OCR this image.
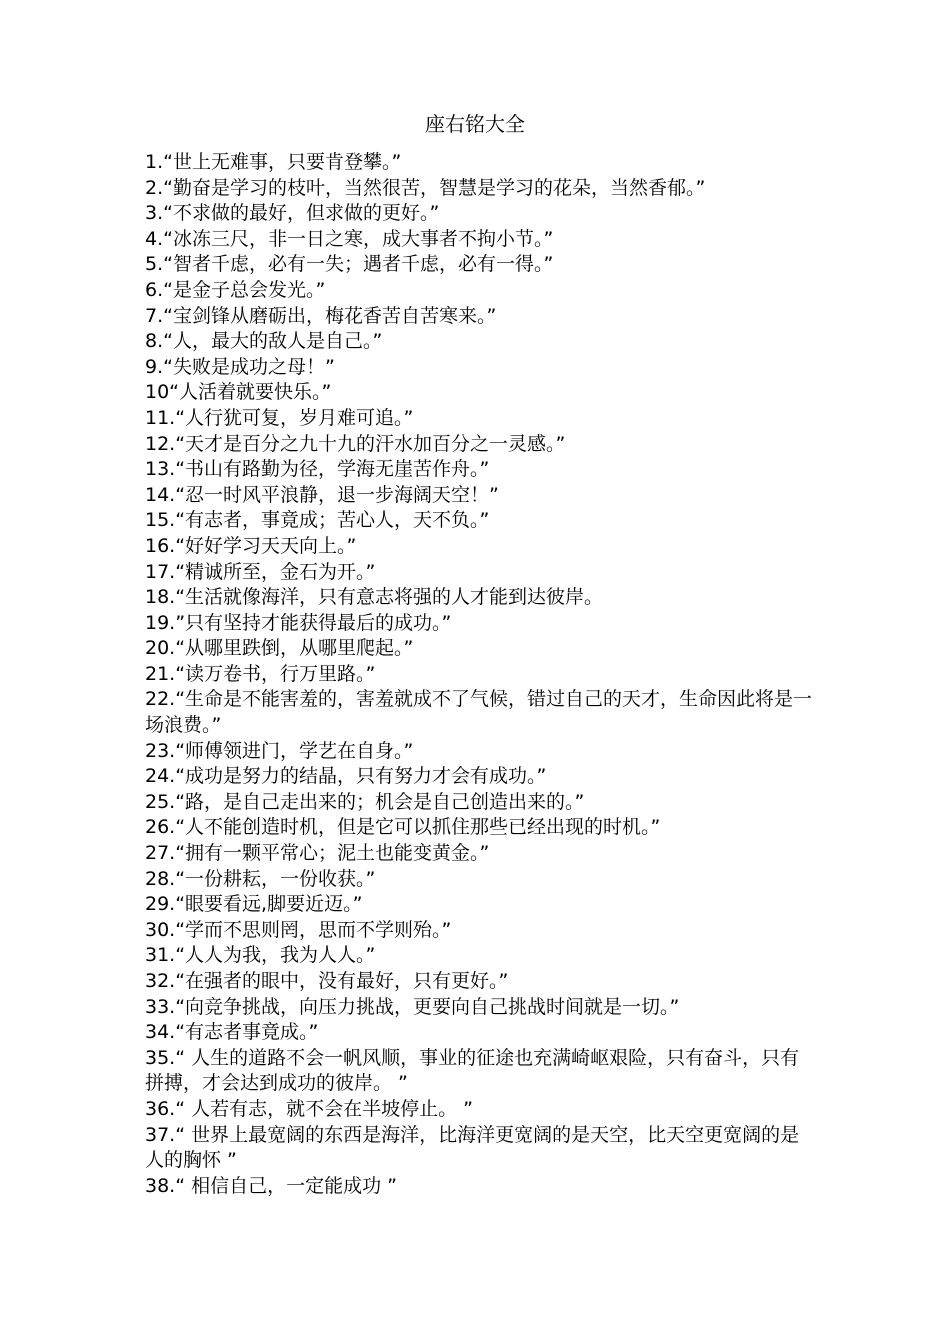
座右铭大全
1.“世上无难事，只要肯登攀。”
2.“勤奋是学习的枝叶，当然很苦，智慧是学习的花朵，当然香郁。”
3.“不求做的最好，但求做的更好。”
4.“冰冻三尺，非一日之寒，成大事者不拘小节。”
5.“智者千虑，必有一失；遇者千虑，必有一得。”
6.“是金子总会发光。”
7.“宝剑锋从磨砺出，梅花香苦自苦寒来。”
8.“人，最大的敌人是自己。”
9.“失败是成功之母！”
10“人活着就要快乐。”
11.“人行犹可复，岁月难可追。”
12.“天才是百分之九十九的汗水加百分之一灵感。”
13.“书山有路勤为径，学海无崖苦作舟。”
14.“忍一时风平浪静，退一步海阔天空！”
15.“有志者，事竟成；苦心人，天不负。”
16.“好好学习天天向上。”
17.“精诚所至，金石为开。”
18.“生活就像海洋，只有意志将强的人才能到达彼岸。
19.”只有坚持才能获得最后的成功。”
20.“从哪里跌倒，从哪里爬起。”
21.“读万卷书，行万里路。”
22.“生命是不能害羞的，害羞就成不了气候，错过自己的天才，生命因此将是一场浪费。”
23.“师傅领进门，学艺在自身。”
24.“成功是努力的结晶，只有努力才会有成功。”
25.“路，是自己走出来的；机会是自己创造出来的。”
26.“人不能创造时机，但是它可以抓住那些已经出现的时机。”
27.“拥有一颗平常心；泥土也能变黄金。”
28.“一份耕耘，一份收获。”
29.“眼要看远,脚要近迈。”
30.“学而不思则罔，思而不学则殆。”
31.“人人为我，我为人人。”
32.“在强者的眼中，没有最好，只有更好。”
33.“向竞争挑战，向压力挑战，更要向自己挑战时间就是一切。”
34.“有志者事竟成。”
35.“ 人生的道路不会一帆风顺，事业的征途也充满崎岖艰险，只有奋斗，只有拼搏，才会达到成功的彼岸。 ”
36.“ 人若有志，就不会在半坡停止。 ”
37.“ 世界上最宽阔的东西是海洋，比海洋更宽阔的是天空，比天空更宽阔的是人的胸怀 ”
38.“ 相信自己，一定能成功 ”
